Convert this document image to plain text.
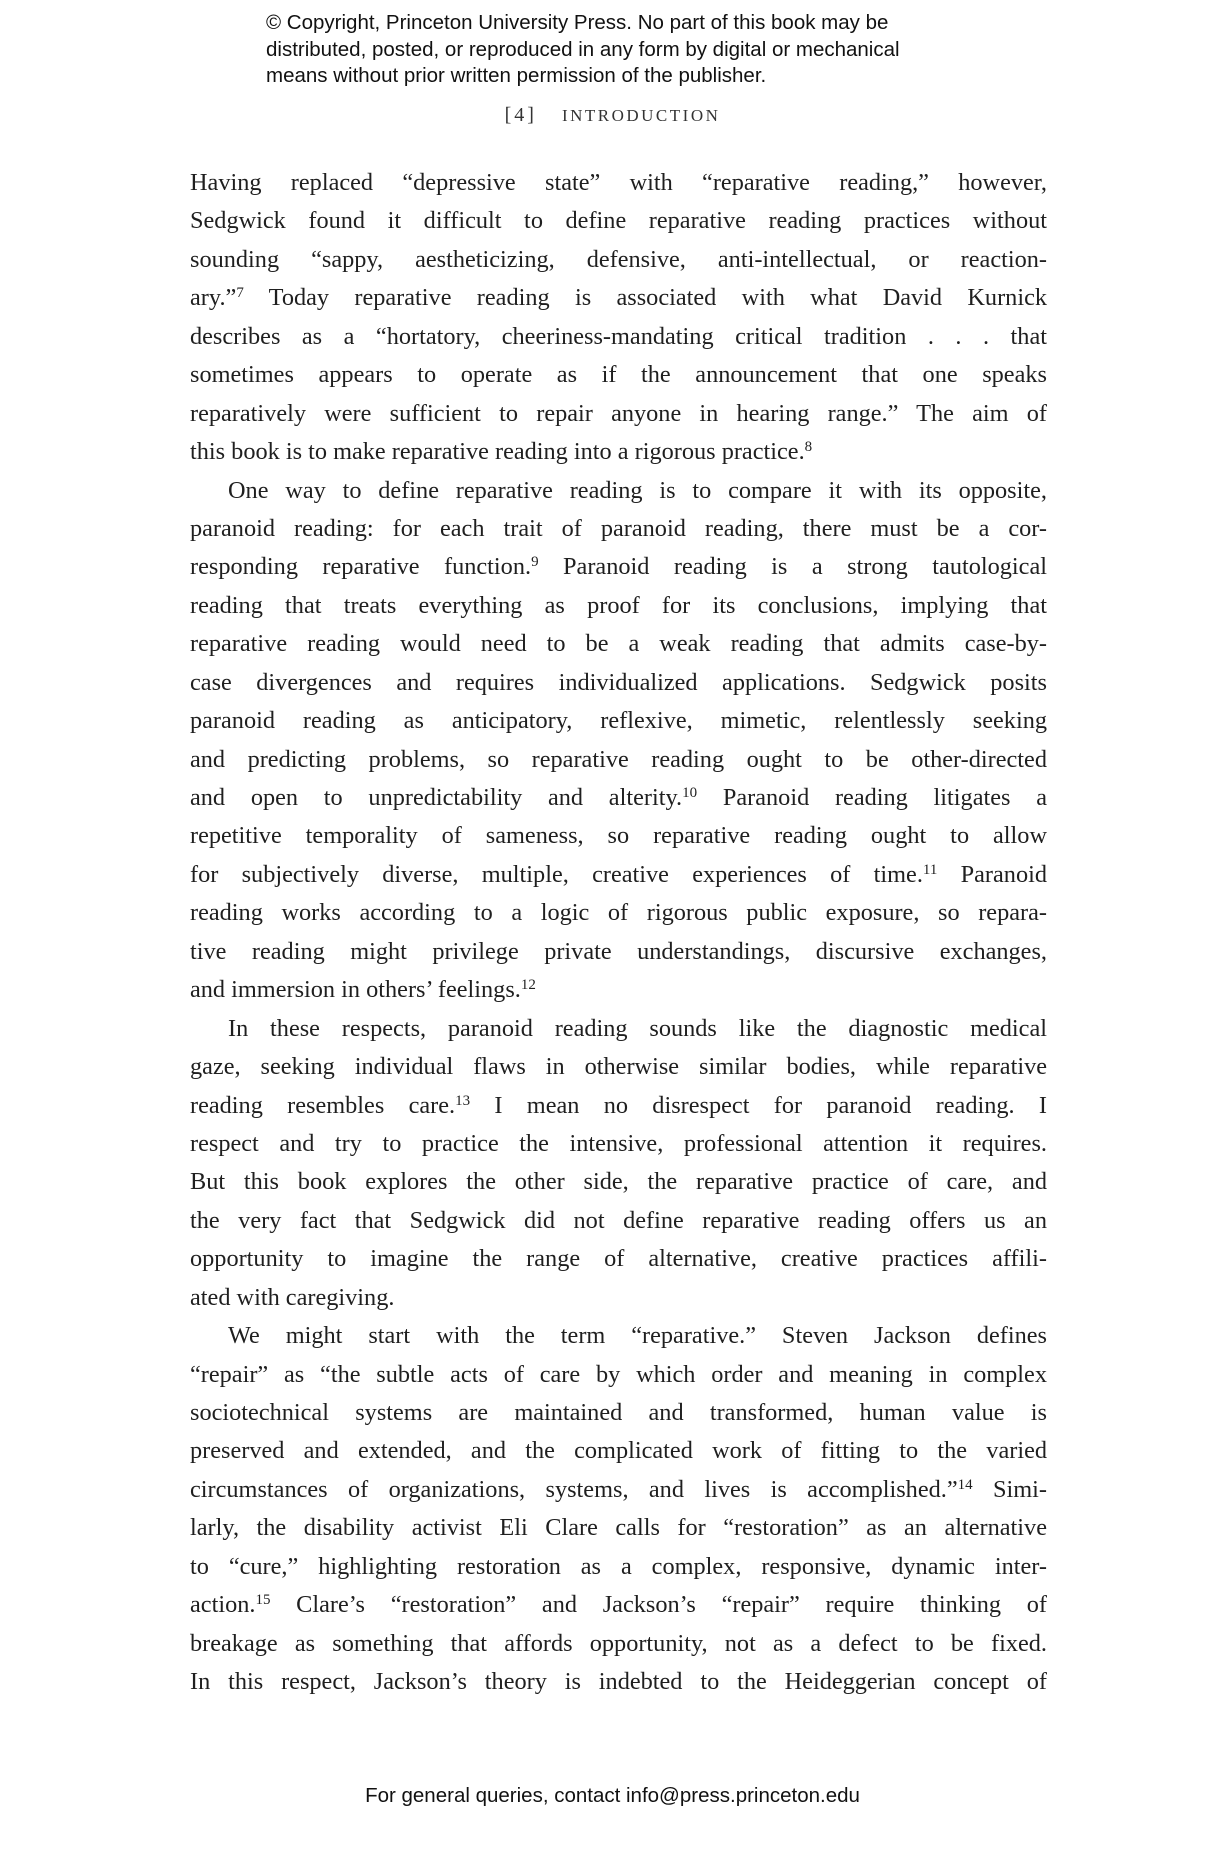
© Copyright, Princeton University Press. No part of this book may be
distributed, posted, or reproduced in any form by digital or mechanical
means without prior written permission of the publisher.
[4] INTRODUCTION
Having replaced “depressive state” with “reparative reading,” however,
Sedgwick found it difficult to define reparative reading practices without
sounding “sappy, aestheticizing, defensive, anti-intellectual, or reaction-
ary.”$^7$ Today reparative reading is associated with what David Kurnick
describes as a “hortatory, cheeriness-mandating critical tradition . . . that
sometimes appears to operate as if the announcement that one speaks
reparatively were sufficient to repair anyone in hearing range.” The aim of
this book is to make reparative reading into a rigorous practice.$^8$
One way to define reparative reading is to compare it with its opposite,
paranoid reading: for each trait of paranoid reading, there must be a cor-
responding reparative function.$^9$ Paranoid reading is a strong tautological
reading that treats everything as proof for its conclusions, implying that
reparative reading would need to be a weak reading that admits case-by-
case divergences and requires individualized applications. Sedgwick posits
paranoid reading as anticipatory, reflexive, mimetic, relentlessly seeking
and predicting problems, so reparative reading ought to be other-directed
and open to unpredictability and alterity.$^{10}$ Paranoid reading litigates a
repetitive temporality of sameness, so reparative reading ought to allow
for subjectively diverse, multiple, creative experiences of time.$^{11}$ Paranoid
reading works according to a logic of rigorous public exposure, so repara-
tive reading might privilege private understandings, discursive exchanges,
and immersion in others’ feelings.$^{12}$
In these respects, paranoid reading sounds like the diagnostic medical
gaze, seeking individual flaws in otherwise similar bodies, while reparative
reading resembles care.$^{13}$ I mean no disrespect for paranoid reading. I
respect and try to practice the intensive, professional attention it requires.
But this book explores the other side, the reparative practice of care, and
the very fact that Sedgwick did not define reparative reading offers us an
opportunity to imagine the range of alternative, creative practices affili-
ated with caregiving.
We might start with the term “reparative.” Steven Jackson defines
“repair” as “the subtle acts of care by which order and meaning in complex
sociotechnical systems are maintained and transformed, human value is
preserved and extended, and the complicated work of fitting to the varied
circumstances of organizations, systems, and lives is accomplished.”$^{14}$ Simi-
larly, the disability activist Eli Clare calls for “restoration” as an alternative
to “cure,” highlighting restoration as a complex, responsive, dynamic inter-
action.$^{15}$ Clare’s “restoration” and Jackson’s “repair” require thinking of
breakage as something that affords opportunity, not as a defect to be fixed.
In this respect, Jackson’s theory is indebted to the Heideggerian concept of
For general queries, contact info@press.princeton.edu
